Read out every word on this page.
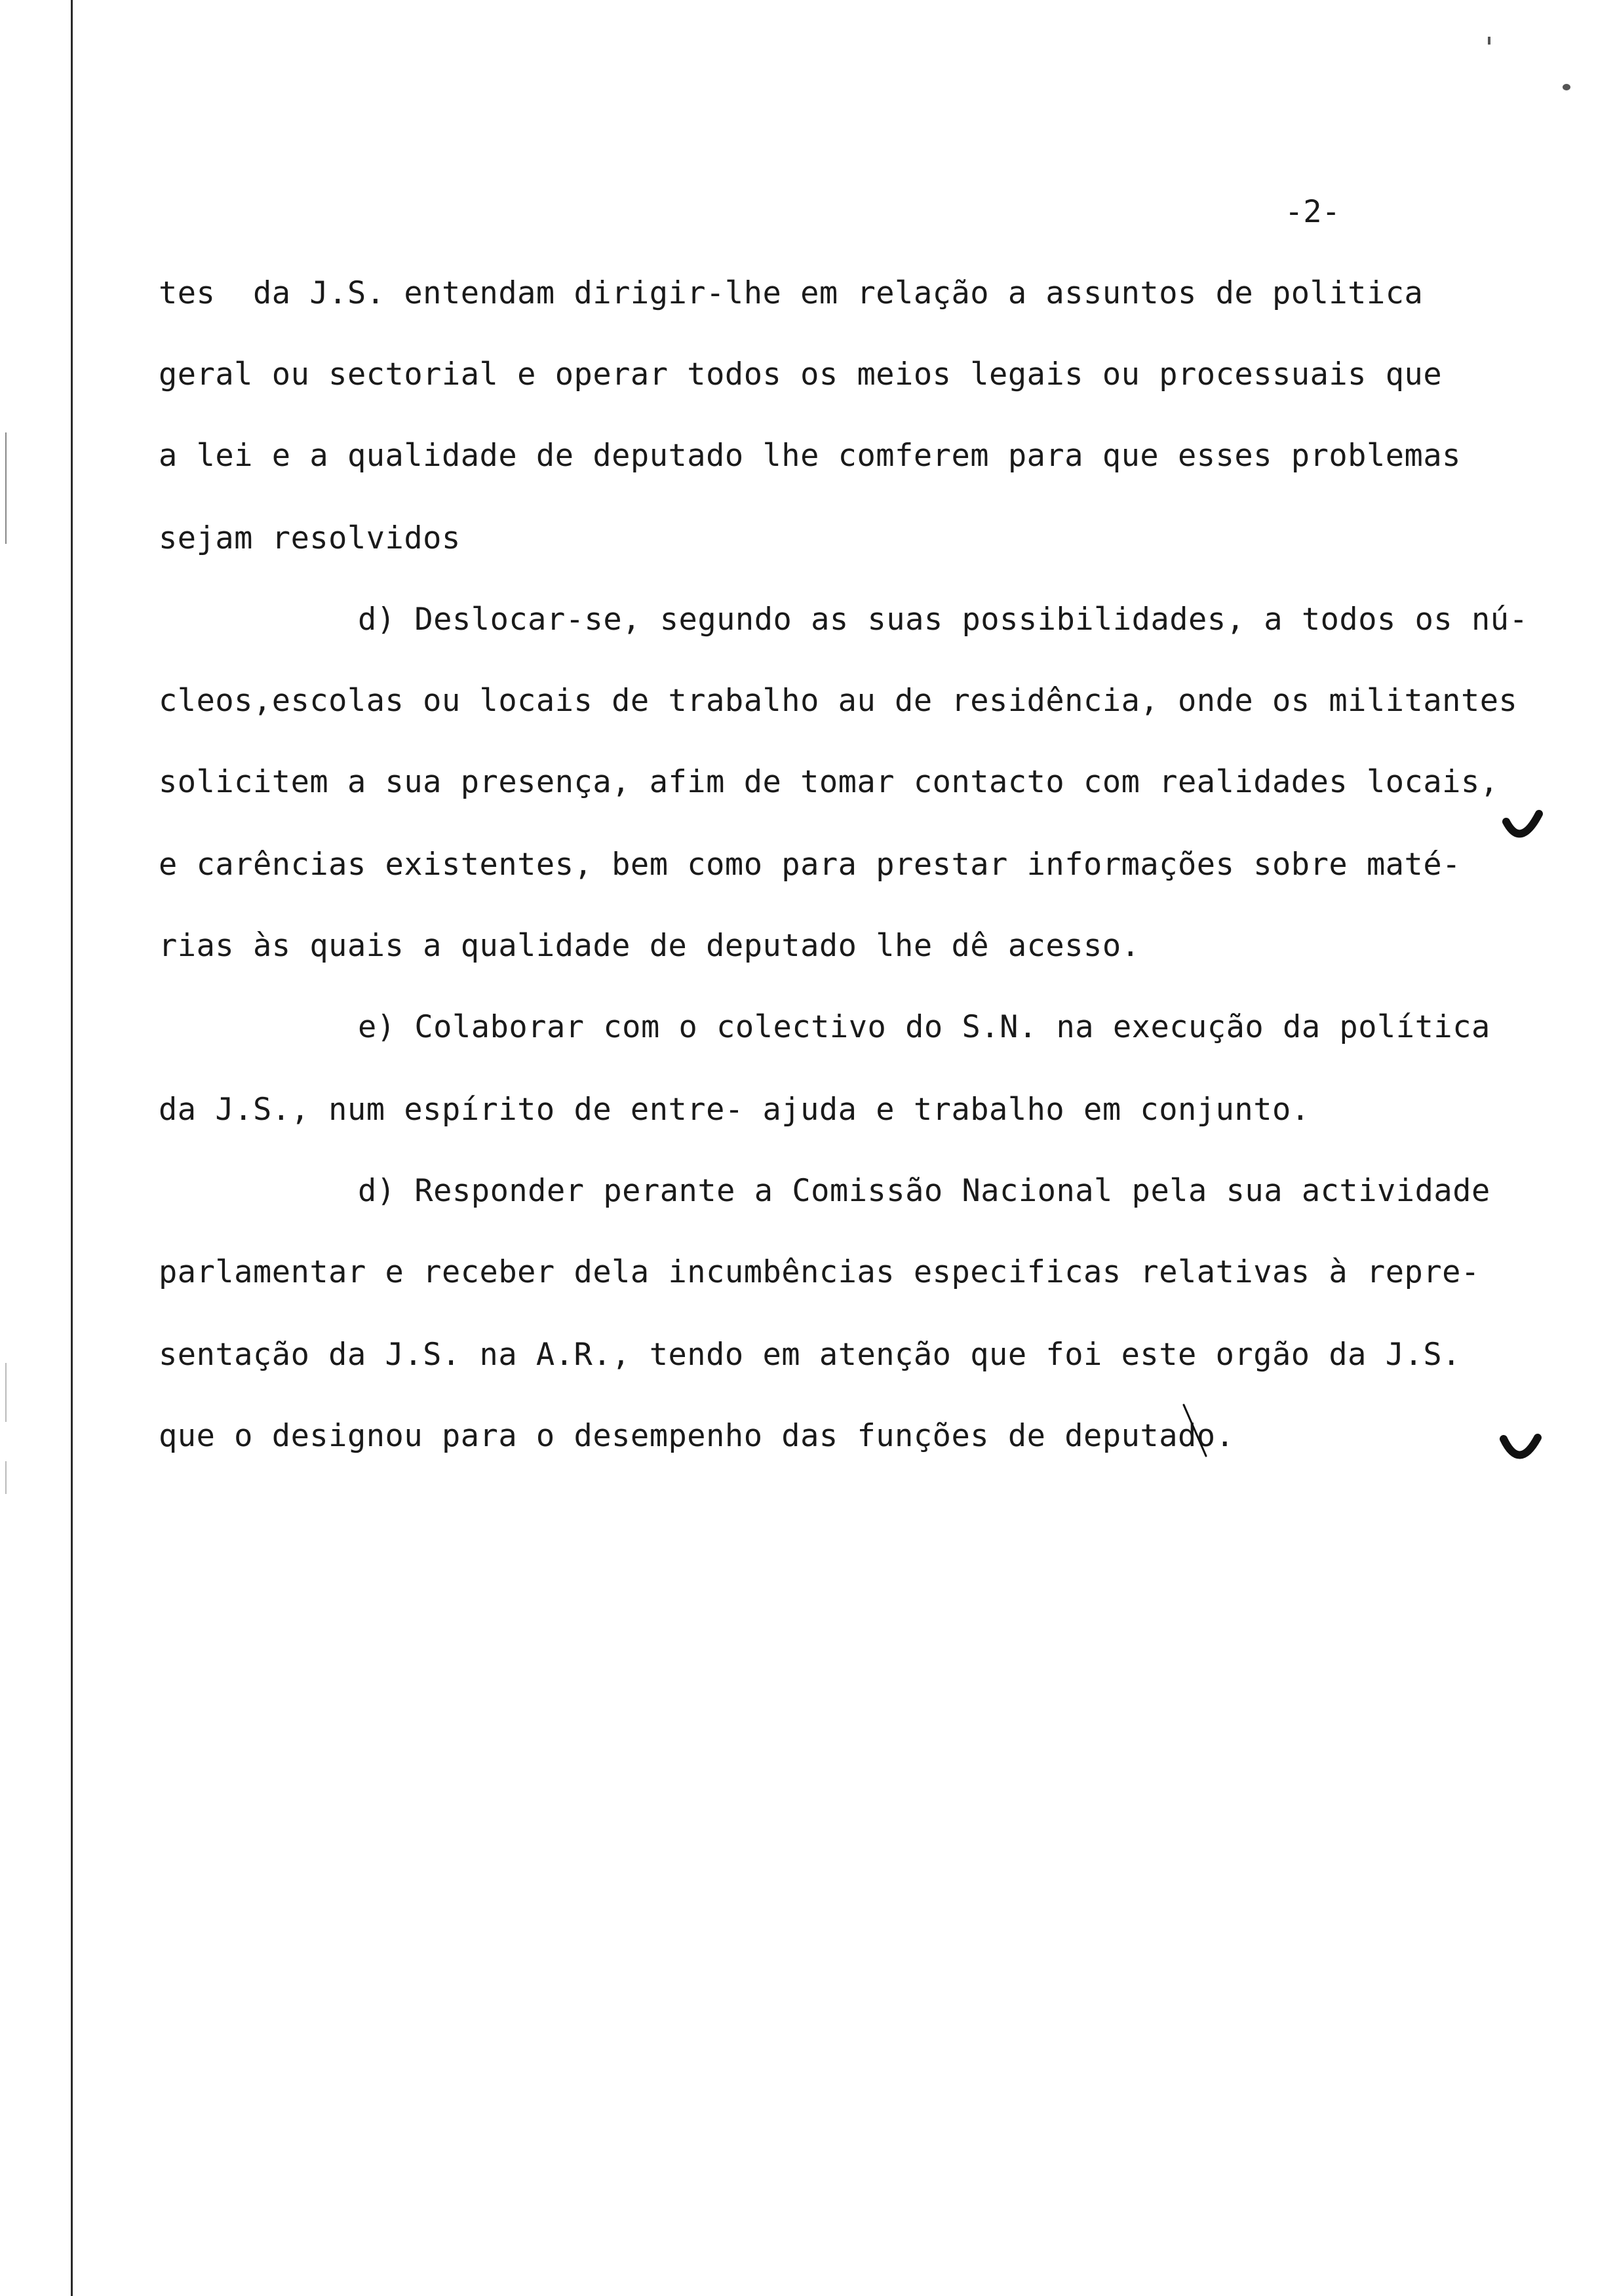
-2-
tes  da J.S. entendam dirigir-lhe em relação a assuntos de politica
geral ou sectorial e operar todos os meios legais ou processuais que
a lei e a qualidade de deputado lhe comferem para que esses problemas
sejam resolvidos
d) Deslocar-se, segundo as suas possibilidades, a todos os nú-
cleos,escolas ou locais de trabalho au de residência, onde os militantes
solicitem a sua presença, afim de tomar contacto com realidades locais,
e carências existentes, bem como para prestar informações sobre maté-
rias às quais a qualidade de deputado lhe dê acesso.
e) Colaborar com o colectivo do S.N. na execução da política
da J.S., num espírito de entre- ajuda e trabalho em conjunto.
d) Responder perante a Comissão Nacional pela sua actividade
parlamentar e receber dela incumbências especificas relativas à repre-
sentação da J.S. na A.R., tendo em atenção que foi este orgão da J.S.
que o designou para o desempenho das funções de deputado.
